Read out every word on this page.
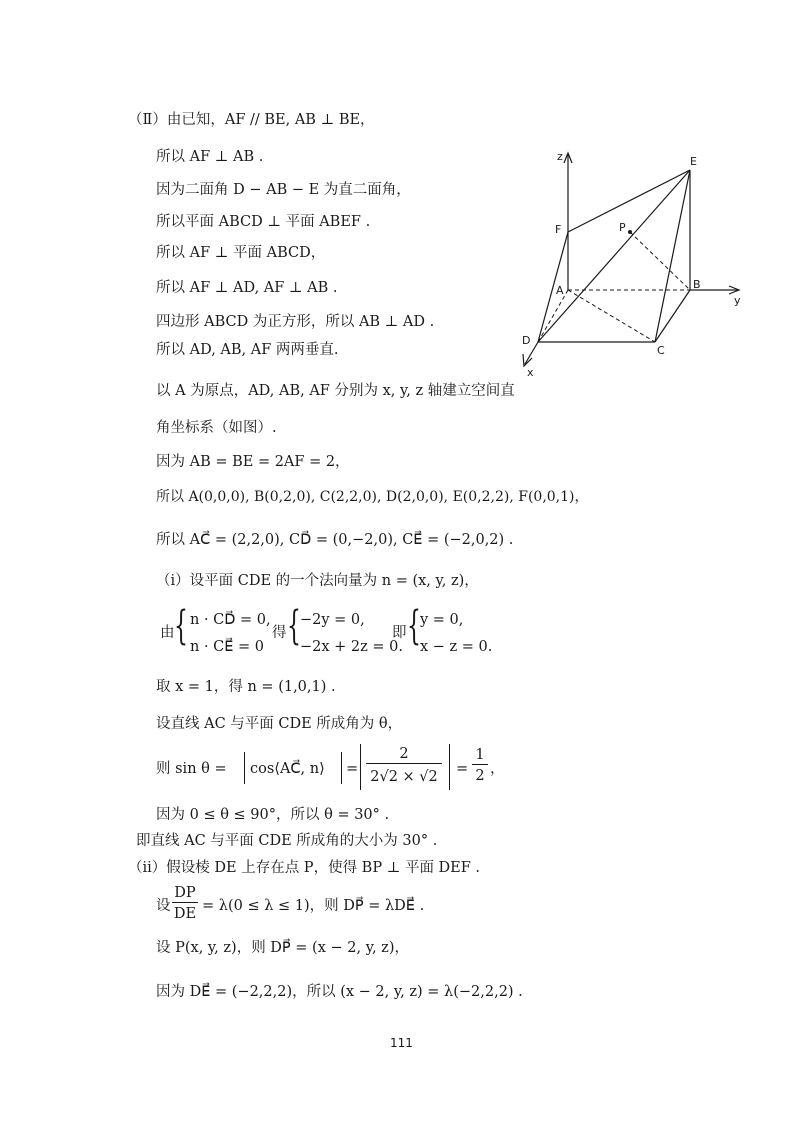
（Ⅱ）由已知，AF // BE, AB ⊥ BE，
所以 AF ⊥ AB .
因为二面角 D − AB − E 为直二面角，
所以平面 ABCD ⊥ 平面 ABEF .
所以 AF ⊥ 平面 ABCD，
所以 AF ⊥ AD, AF ⊥ AB .
四边形 ABCD 为正方形，所以 AB ⊥ AD .
所以 AD, AB, AF 两两垂直.
以 A 为原点，AD, AB, AF 分别为 x, y, z 轴建立空间直
角坐标系（如图）.
因为 AB = BE = 2AF = 2，
所以 A(0,0,0), B(0,2,0), C(2,2,0), D(2,0,0), E(0,2,2), F(0,0,1)，
所以 AC⃗ = (2,2,0), CD⃗ = (0,−2,0), CE⃗ = (−2,0,2) .
（i）设平面 CDE 的一个法向量为 n = (x, y, z)，
由 { n · CD⃗ = 0,
n · CE⃗ = 0
得 { −2y = 0,
−2x + 2z = 0.
即 { y = 0,
x − z = 0.
取 x = 1，得 n = (1,0,1) .
设直线 AC 与平面 CDE 所成角为 θ，
则 sin θ = cos⟨AC⃗, n⟩ = $\frac{2}{2√2 \times √2} = \frac{1}{2}$ ，
因为 0 ≤ θ ≤ 90°，所以 θ = 30° .
即直线 AC 与平面 CDE 所成角的大小为 30° .
（ii）假设棱 DE 上存在点 P，使得 BP ⊥ 平面 DEF .
设 $\frac{DP}{DE} = \lambda(0 \le \lambda \le 1)$，则 DP⃗ = λDE⃗ .
设 P(x, y, z)，则 DP⃗ = (x − 2, y, z)，
因为 DE⃗ = (−2,2,2)，所以 (x − 2, y, z) = λ(−2,2,2) .
z	E
F	P
A	B
y
D
C
x
111
